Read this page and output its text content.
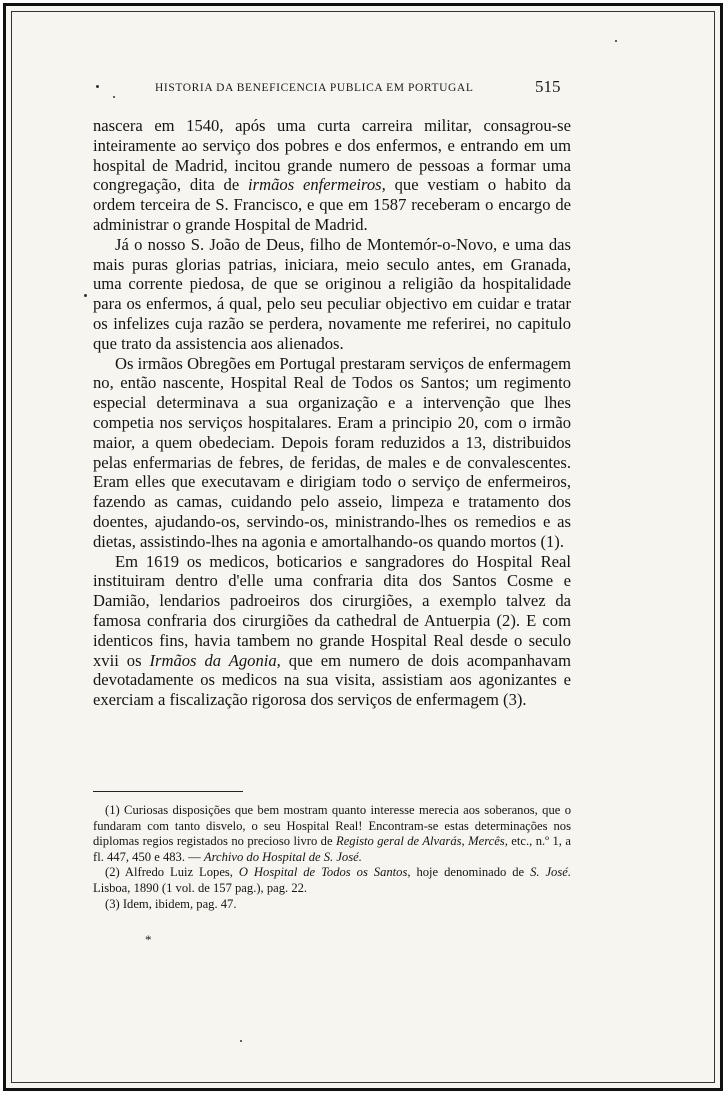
HISTORIA DA BENEFICENCIA PUBLICA EM PORTUGAL	515

nascera em 1540, após uma curta carreira militar, consagrou-se inteiramente ao serviço dos pobres e dos enfermos, e entrando em um hospital de Madrid, incitou grande numero de pessoas a formar uma congregação, dita de irmãos enfermeiros, que vestiam o habito da ordem terceira de S. Francisco, e que em 1587 receberam o encargo de administrar o grande Hospital de Madrid.

Já o nosso S. João de Deus, filho de Montemór-o-Novo, e uma das mais puras glorias patrias, iniciara, meio seculo antes, em Granada, uma corrente piedosa, de que se originou a religião da hospitalidade para os enfermos, á qual, pelo seu peculiar objectivo em cuidar e tratar os infelizes cuja razão se perdera, novamente me referirei, no capitulo que trato da assistencia aos alienados.

Os irmãos Obregões em Portugal prestaram serviços de enfermagem no, então nascente, Hospital Real de Todos os Santos; um regimento especial determinava a sua organização e a intervenção que lhes competia nos serviços hospitalares. Eram a principio 20, com o irmão maior, a quem obedeciam. Depois foram reduzidos a 13, distribuidos pelas enfermarias de febres, de feridas, de males e de convalescentes. Eram elles que executavam e dirigiam todo o serviço de enfermeiros, fazendo as camas, cuidando pelo asseio, limpeza e tratamento dos doentes, ajudando-os, servindo-os, ministrando-lhes os remedios e as dietas, assistindo-lhes na agonia e amortalhando-os quando mortos (1).

Em 1619 os medicos, boticarios e sangradores do Hospital Real instituiram dentro d'elle uma confraria dita dos Santos Cosme e Damião, lendarios padroeiros dos cirurgiões, a exemplo talvez da famosa confraria dos cirurgiões da cathedral de Antuerpia (2). E com identicos fins, havia tambem no grande Hospital Real desde o seculo xvii os Irmãos da Agonia, que em numero de dois acompanhavam devotadamente os medicos na sua visita, assistiam aos agonizantes e exerciam a fiscalização rigorosa dos serviços de enfermagem (3).

(1) Curiosas disposições que bem mostram quanto interesse merecia aos soberanos, que o fundaram com tanto disvelo, o seu Hospital Real! Encontram-se estas determinações nos diplomas regios registados no precioso livro de Registo geral de Alvarás, Mercês, etc., n.º 1, a fl. 447, 450 e 483. — Archivo do Hospital de S. José.

(2) Alfredo Luiz Lopes, O Hospital de Todos os Santos, hoje denominado de S. José. Lisboa, 1890 (1 vol. de 157 pag.), pag. 22.

(3) Idem, ibidem, pag. 47.

*
